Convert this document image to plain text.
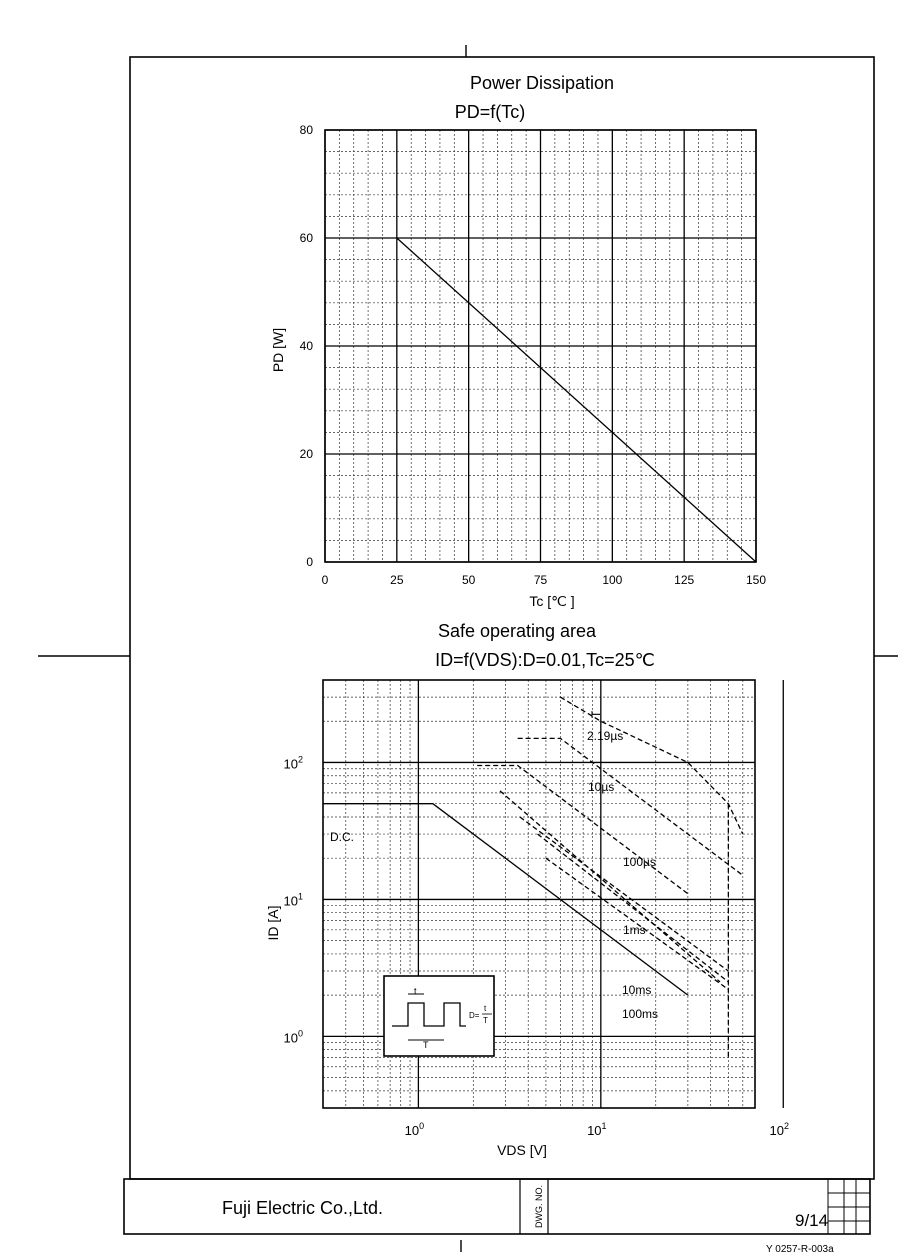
Fuji Electric Co.,Ltd.	DWG. NO.	9/14
Y 0257-R-003a
Power Dissipation
PD=f(Tc)
0	25	50	75	100	125	150
0
20
40
60
80
Tc [℃ ]
PD [W]
Safe operating area
ID=f(VDS):D=0.01,Tc=25℃
$10^0$	$10^1$	$10^2$
$10^0$
$10^1$
$10^2$
T
2.19µs
10µs
100µs
1ms
10ms
100ms
D.C.
VDS [V]
ID [A]
t
T
D=
t
T
